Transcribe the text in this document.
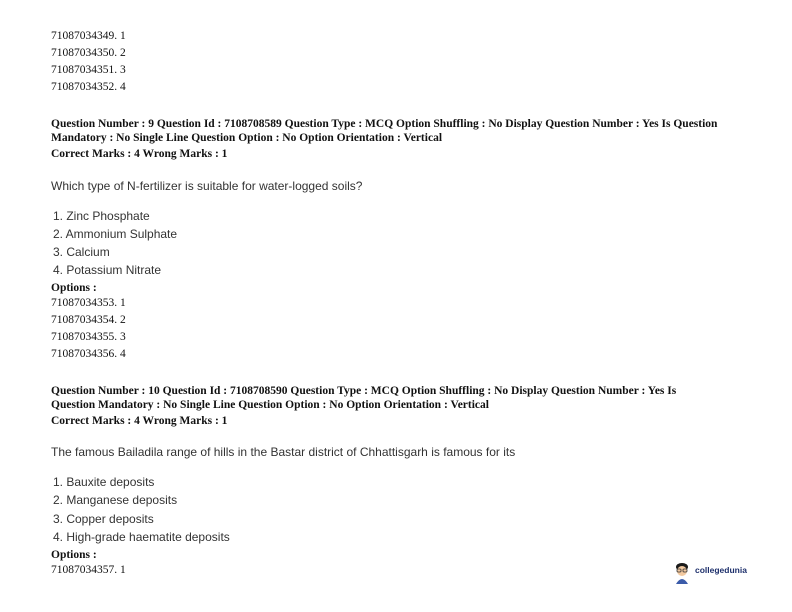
71087034349. 1
71087034350. 2
71087034351. 3
71087034352. 4
Question Number : 9 Question Id : 7108708589 Question Type : MCQ Option Shuffling : No Display Question Number : Yes Is Question
Mandatory : No Single Line Question Option : No Option Orientation : Vertical
Correct Marks : 4 Wrong Marks : 1
Which type of N-fertilizer is suitable for water-logged soils?
1. Zinc Phosphate
2. Ammonium Sulphate
3. Calcium
4. Potassium Nitrate
Options :
71087034353. 1
71087034354. 2
71087034355. 3
71087034356. 4
Question Number : 10 Question Id : 7108708590 Question Type : MCQ Option Shuffling : No Display Question Number : Yes Is
Question Mandatory : No Single Line Question Option : No Option Orientation : Vertical
Correct Marks : 4 Wrong Marks : 1
The famous Bailadila range of hills in the Bastar district of Chhattisgarh is famous for its
1. Bauxite deposits
2. Manganese deposits
3. Copper deposits
4. High-grade haematite deposits
Options :
71087034357. 1	collegedunia
